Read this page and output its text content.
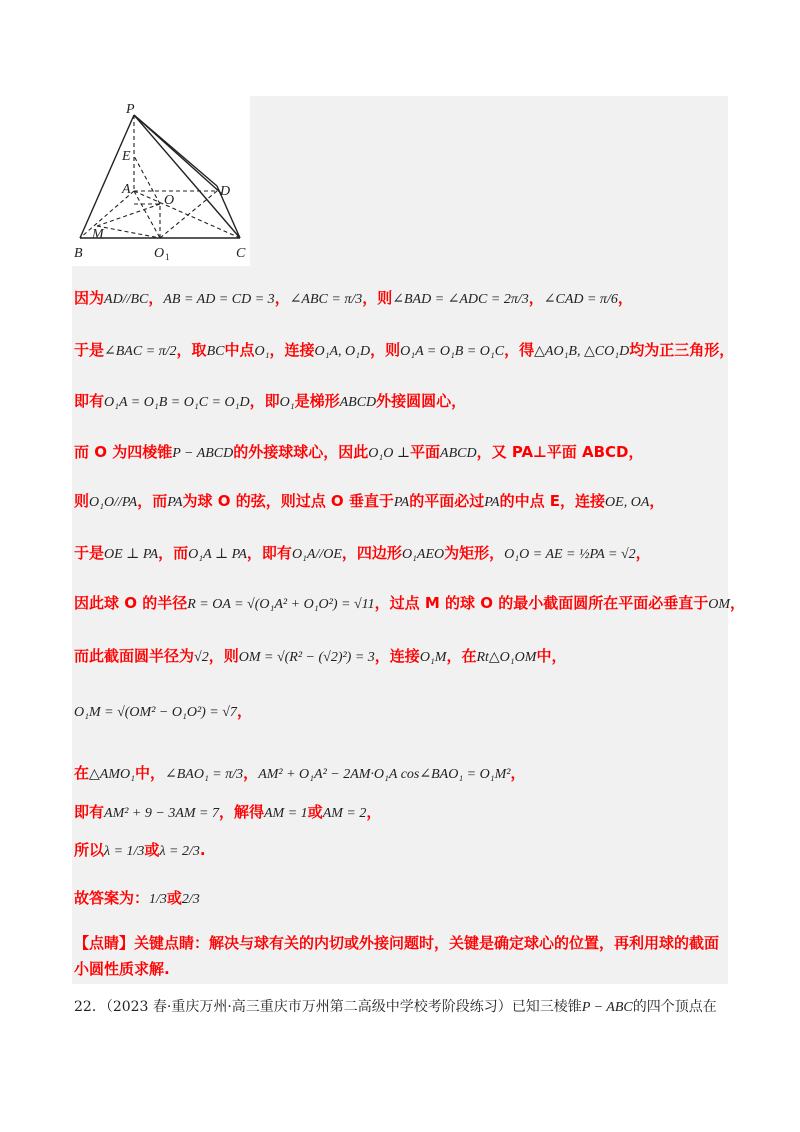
P
E
A
O
D
M
B	O 1	C
因为AD//BC，AB = AD = CD = 3，∠ABC = π/3，则∠BAD = ∠ADC = 2π/3，∠CAD = π/6，
于是∠BAC = π/2，取BC中点O₁，连接O₁A, O₁D，则O₁A = O₁B = O₁C，得△AO₁B, △CO₁D均为正三角形，
即有O₁A = O₁B = O₁C = O₁D，即O₁是梯形ABCD外接圆圆心，
而 O 为四棱锥P − ABCD的外接球球心，因此O₁O ⊥平面ABCD，又 PA⊥平面 ABCD，
则O₁O//PA，而PA为球 O 的弦，则过点 O 垂直于PA的平面必过PA的中点 E，连接OE, OA，
于是OE ⊥ PA，而O₁A ⊥ PA，即有O₁A//OE，四边形O₁AEO为矩形，O₁O = AE = ½PA = √2，
因此球 O 的半径R = OA = √(O₁A² + O₁O²) = √11，过点 M 的球 O 的最小截面圆所在平面必垂直于OM，
而此截面圆半径为√2，则OM = √(R² − (√2)²) = 3，连接O₁M，在Rt△O₁OM中，
O₁M = √(OM² − O₁O²) = √7，
在△AMO₁中，∠BAO₁ = π/3，AM² + O₁A² − 2AM·O₁A cos∠BAO₁ = O₁M²，
即有AM² + 9 − 3AM = 7，解得AM = 1或AM = 2，
所以λ = 1/3或λ = 2/3.
故答案为：1/3或2/3
【点睛】关键点睛：解决与球有关的内切或外接问题时，关键是确定球心的位置，再利用球的截面小圆性质求解.
22．（2023 春·重庆万州·高三重庆市万州第二高级中学校考阶段练习）已知三棱锥P − ABC的四个顶点在
